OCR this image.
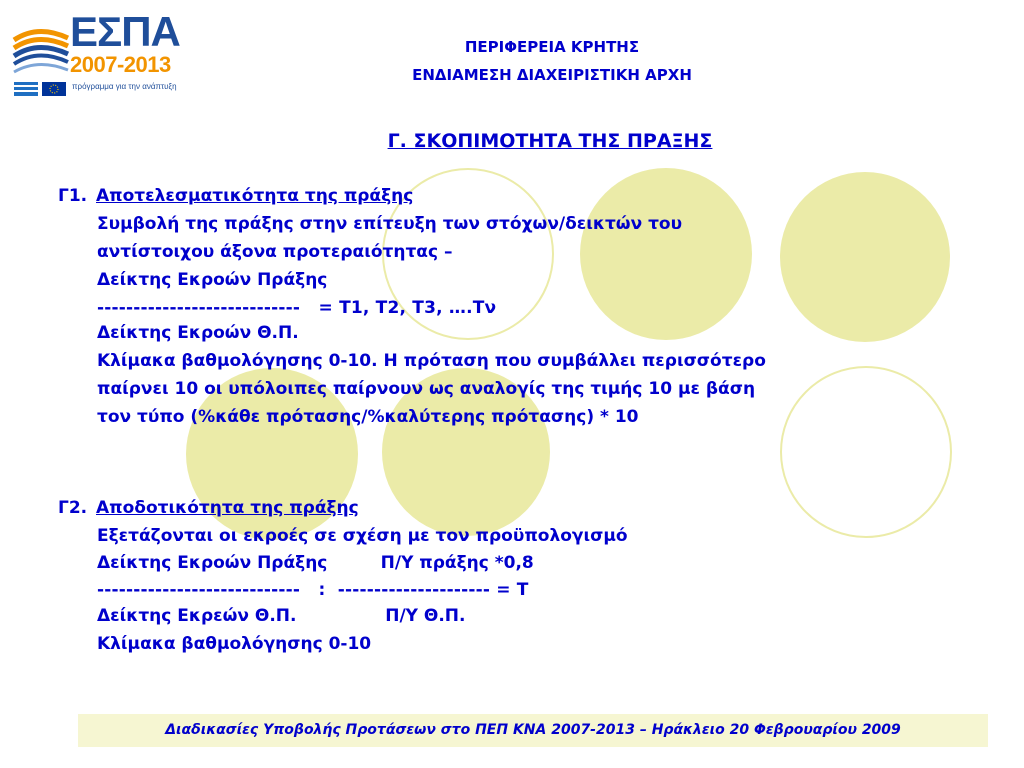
ΕΣΠΑ
2007-2013
πρόγραμμα για την ανάπτυξη
ΠΕΡΙΦΕΡΕΙΑ ΚΡΗΤΗΣ
ΕΝΔΙΑΜΕΣΗ ΔΙΑΧΕΙΡΙΣΤΙΚΗ ΑΡΧΗ
Γ. ΣΚΟΠΙΜΟΤΗΤΑ ΤΗΣ ΠΡΑΞΗΣ
Γ1. Αποτελεσματικότητα της πράξης
Συμβολή της πράξης στην επίτευξη των στόχων/δεικτών του
αντίστοιχου άξονα προτεραιότητας –
Δείκτης Εκροών Πράξης
----------------------------   = Τ1, Τ2, Τ3, ….Τν
Δείκτης Εκροών Θ.Π.
Κλίμακα βαθμολόγησης 0-10. Η πρόταση που συμβάλλει περισσότερο
παίρνει 10 οι υπόλοιπες παίρνουν ως αναλογίς της τιμής 10 με βάση
τον τύπο (%κάθε πρότασης/%καλύτερης πρότασης) * 10
Γ2. Αποδοτικότητα της πράξης
Εξετάζονται οι εκροές σε σχέση με τον προϋπολογισμό
Δείκτης Εκροών Πράξης         Π/Υ πράξης *0,8
----------------------------   :  --------------------- = Τ
Δείκτης Εκρεών Θ.Π.               Π/Υ Θ.Π.
Κλίμακα βαθμολόγησης 0-10
Διαδικασίες Υποβολής Προτάσεων στο ΠΕΠ ΚΝΑ 2007-2013 – Ηράκλειο 20 Φεβρουαρίου 2009
